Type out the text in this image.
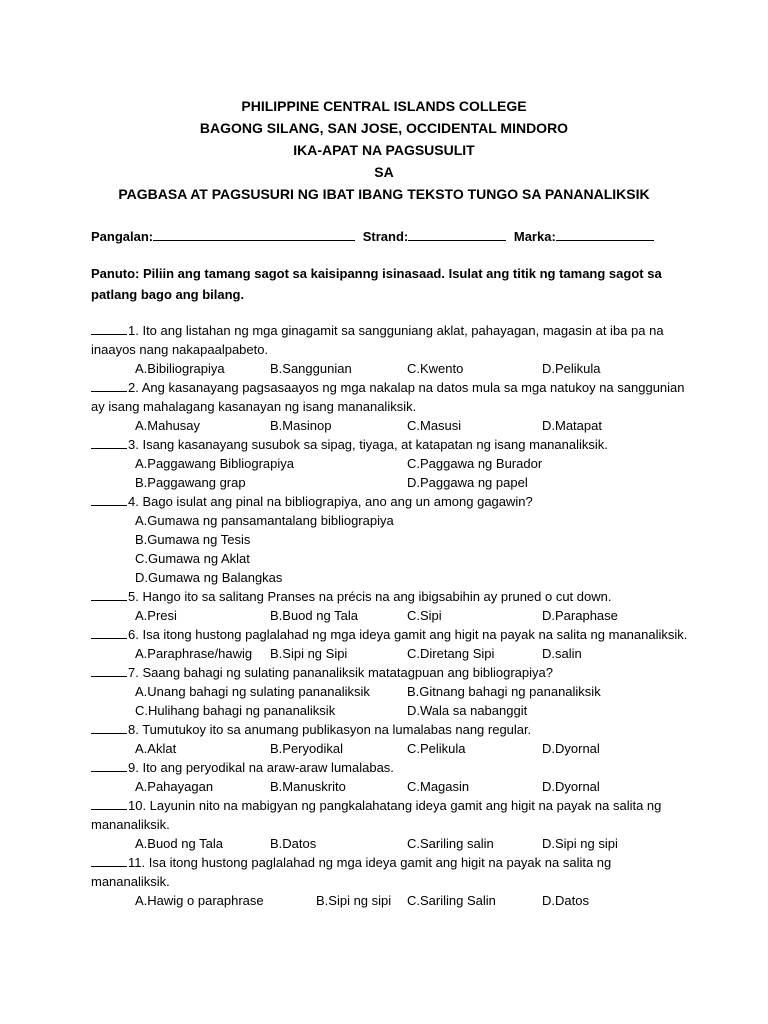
PHILIPPINE CENTRAL ISLANDS COLLEGE
BAGONG SILANG, SAN JOSE, OCCIDENTAL MINDORO
IKA-APAT NA PAGSUSULIT
SA
PAGBASA AT PAGSUSURI NG IBAT IBANG TEKSTO TUNGO SA PANANALIKSIK
Pangalan:	Strand:	Marka:
Panuto: Piliin ang tamang sagot sa kaisipanng isinasaad. Isulat ang titik ng tamang sagot sa patlang bago ang bilang.
1. Ito ang listahan ng mga ginagamit sa sangguniang aklat, pahayagan, magasin at iba pa na inaayos nang nakapaalpabeto.
A.Bibiliograpiya	B.Sanggunian	C.Kwento	D.Pelikula
2. Ang kasanayang pagsasaayos ng mga nakalap na datos mula sa mga natukoy na sanggunian ay isang mahalagang kasanayan ng isang mananaliksik.
A.Mahusay	B.Masinop	C.Masusi	D.Matapat
3. Isang kasanayang susubok sa sipag, tiyaga, at katapatan ng isang mananaliksik.
A.Paggawang Bibliograpiya	C.Paggawa ng Burador
B.Paggawang grap	D.Paggawa ng papel
4. Bago isulat ang pinal na bibliograpiya, ano ang un among gagawin?
A.Gumawa ng pansamantalang bibliograpiya
B.Gumawa ng Tesis
C.Gumawa ng Aklat
D.Gumawa ng Balangkas
5. Hango ito sa salitang Pranses na précis na ang ibigsabihin ay pruned o cut down.
A.Presi	B.Buod ng Tala	C.Sipi	D.Paraphase
6. Isa itong hustong paglalahad ng mga ideya gamit ang higit na payak na salita ng mananaliksik.
A.Paraphrase/hawig B.Sipi ng Sipi	C.Diretang Sipi	D.salin
7. Saang bahagi ng sulating pananaliksik matatagpuan ang bibliograpiya?
A.Unang bahagi ng sulating pananaliksik	B.Gitnang bahagi ng pananaliksik
C.Hulihang bahagi ng pananaliksik	D.Wala sa nabanggit
8. Tumutukoy ito sa anumang publikasyon na lumalabas nang regular.
A.Aklat	B.Peryodikal	C.Pelikula	D.Dyornal
9. Ito ang peryodikal na araw-araw lumalabas.
A.Pahayagan	B.Manuskrito	C.Magasin	D.Dyornal
10. Layunin nito na mabigyan ng pangkalahatang ideya gamit ang higit na payak na salita ng mananaliksik.
A.Buod ng Tala	B.Datos	C.Sariling salin	D.Sipi ng sipi
11. Isa itong hustong paglalahad ng mga ideya gamit ang higit na payak na salita ng mananaliksik.
A.Hawig o paraphrase	B.Sipi ng sipi C.Sariling Salin	D.Datos
